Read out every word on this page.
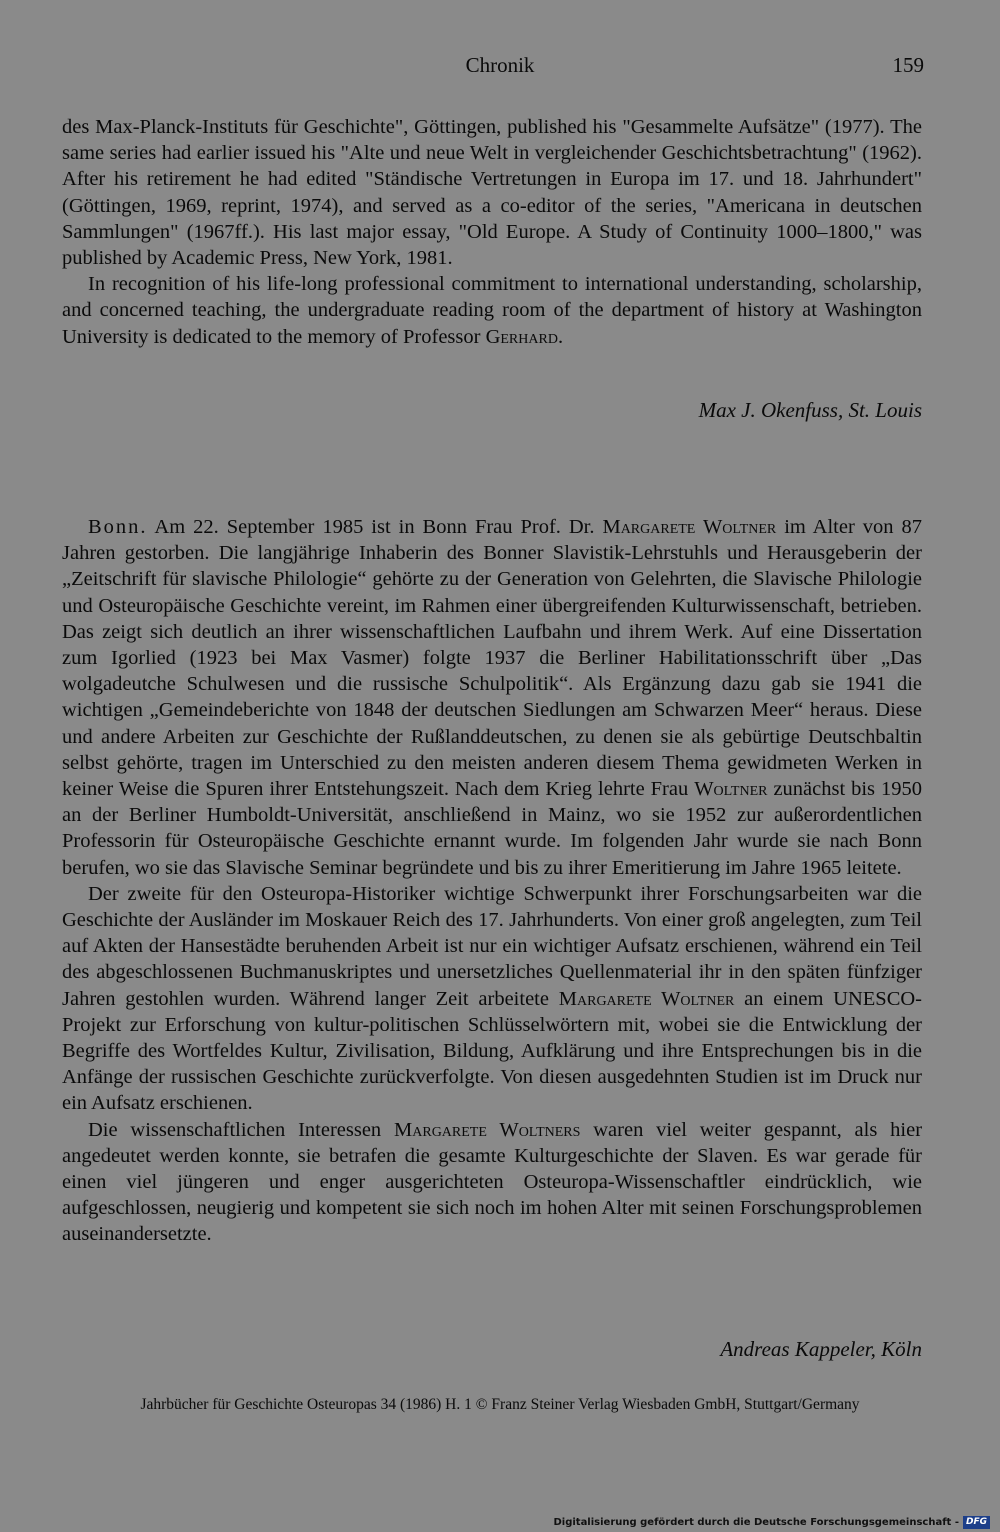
Chronik	159

des Max-Planck-Instituts für Geschichte", Göttingen, published his "Gesammelte Aufsätze" (1977). The same series had earlier issued his "Alte und neue Welt in vergleichender Geschichtsbetrachtung" (1962). After his retirement he had edited "Ständische Vertretungen in Europa im 17. und 18. Jahrhundert" (Göttingen, 1969, reprint, 1974), and served as a co-editor of the series, "Americana in deutschen Sammlungen" (1967ff.). His last major essay, "Old Europe. A Study of Continuity 1000–1800," was published by Academic Press, New York, 1981.

In recognition of his life-long professional commitment to international understanding, scholarship, and concerned teaching, the undergraduate reading room of the department of history at Washington University is dedicated to the memory of Professor Gerhard.

Max J. Okenfuss, St. Louis

Bonn. Am 22. September 1985 ist in Bonn Frau Prof. Dr. Margarete Woltner im Alter von 87 Jahren gestorben. Die langjährige Inhaberin des Bonner Slavistik-Lehrstuhls und Herausgeberin der „Zeitschrift für slavische Philologie“ gehörte zu der Generation von Gelehrten, die Slavische Philologie und Osteuropäische Geschichte vereint, im Rahmen einer übergreifenden Kulturwissenschaft, betrieben. Das zeigt sich deutlich an ihrer wissenschaftlichen Laufbahn und ihrem Werk. Auf eine Dissertation zum Igorlied (1923 bei Max Vasmer) folgte 1937 die Berliner Habilitationsschrift über „Das wolgadeutche Schulwesen und die russische Schulpolitik“. Als Ergänzung dazu gab sie 1941 die wichtigen „Gemeindeberichte von 1848 der deutschen Siedlungen am Schwarzen Meer“ heraus. Diese und andere Arbeiten zur Geschichte der Rußlanddeutschen, zu denen sie als gebürtige Deutschbaltin selbst gehörte, tragen im Unterschied zu den meisten anderen diesem Thema gewidmeten Werken in keiner Weise die Spuren ihrer Entstehungszeit. Nach dem Krieg lehrte Frau Woltner zunächst bis 1950 an der Berliner Humboldt-Universität, anschließend in Mainz, wo sie 1952 zur außerordentlichen Professorin für Osteuropäische Geschichte ernannt wurde. Im folgenden Jahr wurde sie nach Bonn berufen, wo sie das Slavische Seminar begründete und bis zu ihrer Emeritierung im Jahre 1965 leitete.

Der zweite für den Osteuropa-Historiker wichtige Schwerpunkt ihrer Forschungsarbeiten war die Geschichte der Ausländer im Moskauer Reich des 17. Jahrhunderts. Von einer groß angelegten, zum Teil auf Akten der Hansestädte beruhenden Arbeit ist nur ein wichtiger Aufsatz erschienen, während ein Teil des abgeschlossenen Buchmanuskriptes und unersetzliches Quellenmaterial ihr in den späten fünfziger Jahren gestohlen wurden. Während langer Zeit arbeitete Margarete Woltner an einem UNESCO-Projekt zur Erforschung von kultur-politischen Schlüsselwörtern mit, wobei sie die Entwicklung der Begriffe des Wortfeldes Kultur, Zivilisation, Bildung, Aufklärung und ihre Entsprechungen bis in die Anfänge der russischen Geschichte zurückverfolgte. Von diesen ausgedehnten Studien ist im Druck nur ein Aufsatz erschienen.

Die wissenschaftlichen Interessen Margarete Woltners waren viel weiter gespannt, als hier angedeutet werden konnte, sie betrafen die gesamte Kulturgeschichte der Slaven. Es war gerade für einen viel jüngeren und enger ausgerichteten Osteuropa-Wissenschaftler eindrücklich, wie aufgeschlossen, neugierig und kompetent sie sich noch im hohen Alter mit seinen Forschungsproblemen auseinandersetzte.

Andreas Kappeler, Köln
Jahrbücher für Geschichte Osteuropas 34 (1986) H. 1 © Franz Steiner Verlag Wiesbaden GmbH, Stuttgart/Germany
Digitalisierung gefördert durch die Deutsche Forschungsgemeinschaft - DFG
